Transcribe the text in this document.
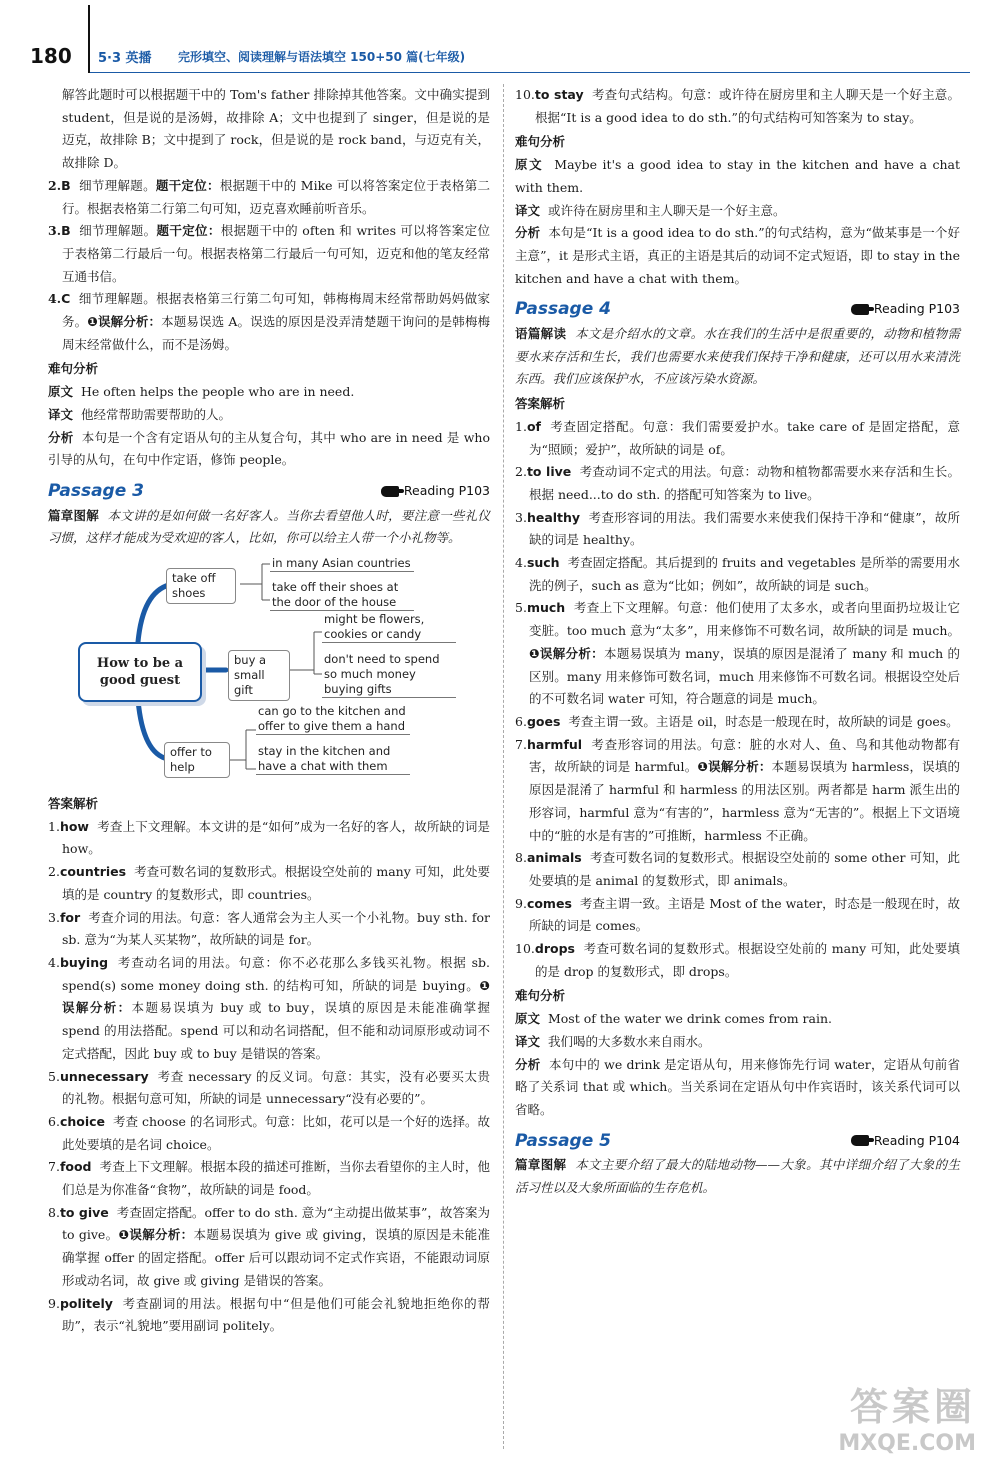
180 5·3 英播 完形填空、阅读理解与语法填空 150+50 篇(七年级)

解答此题时可以根据题干中的 Tom's father 排除掉其他答案。文中确实提到 student，但是说的是汤姆，故排除 A；文中也提到了 singer，但是说的是迈克，故排除 B；文中提到了 rock，但是说的是 rock band，与迈克有关，故排除 D。

2.B 细节理解题。题干定位：根据题干中的 Mike 可以将答案定位于表格第二行。根据表格第二行第二句可知，迈克喜欢睡前听音乐。

3.B 细节理解题。题干定位：根据题干中的 often 和 writes 可以将答案定位于表格第二行最后一句。根据表格第二行最后一句可知，迈克和他的笔友经常互通书信。

4.C 细节理解题。根据表格第三行第二句可知，韩梅梅周末经常帮助妈妈做家务。❶误解分析：本题易误选 A。误选的原因是没弄清楚题干询问的是韩梅梅周末经常做什么，而不是汤姆。

难句分析

原文 He often helps the people who are in need.

译文 他经常帮助需要帮助的人。

分析 本句是一个含有定语从句的主从复合句，其中 who are in need 是 who 引导的从句，在句中作定语，修饰 people。

Passage 3	Reading P103

篇章图解 本文讲的是如何做一名好客人。当你去看望他人时，要注意一些礼仪习惯，这样才能成为受欢迎的客人，比如，你可以给主人带一个小礼物等。

How to be a good guest
take off shoes
in many Asian countries
take off their shoes at the door of the house
buy a small gift
might be flowers, cookies or candy
don't need to spend so much money buying gifts
offer to help
can go to the kitchen and offer to give them a hand
stay in the kitchen and have a chat with them

答案解析

1.how 考查上下文理解。本文讲的是“如何”成为一名好的客人，故所缺的词是 how。

2.countries 考查可数名词的复数形式。根据设空处前的 many 可知，此处要填的是 country 的复数形式，即 countries。

3.for 考查介词的用法。句意：客人通常会为主人买一个小礼物。buy sth. for sb. 意为“为某人买某物”，故所缺的词是 for。

4.buying 考查动名词的用法。句意：你不必花那么多钱买礼物。根据 sb. spend(s) some money doing sth. 的结构可知，所缺的词是 buying。❶误解分析：本题易误填为 buy 或 to buy，误填的原因是未能准确掌握 spend 的用法搭配。spend 可以和动名词搭配，但不能和动词原形或动词不定式搭配，因此 buy 或 to buy 是错误的答案。

5.unnecessary 考查 necessary 的反义词。句意：其实，没有必要买太贵的礼物。根据句意可知，所缺的词是 unnecessary“没有必要的”。

6.choice 考查 choose 的名词形式。句意：比如，花可以是一个好的选择。故此处要填的是名词 choice。

7.food 考查上下文理解。根据本段的描述可推断，当你去看望你的主人时，他们总是为你准备“食物”，故所缺的词是 food。

8.to give 考查固定搭配。offer to do sth. 意为“主动提出做某事”，故答案为 to give。❶误解分析：本题易误填为 give 或 giving，误填的原因是未能准确掌握 offer 的固定搭配。offer 后可以跟动词不定式作宾语，不能跟动词原形或动名词，故 give 或 giving 是错误的答案。

9.politely 考查副词的用法。根据句中“但是他们可能会礼貌地拒绝你的帮助”，表示“礼貌地”要用副词 politely。

10.to stay 考查句式结构。句意：或许待在厨房里和主人聊天是一个好主意。根据“It is a good idea to do sth.”的句式结构可知答案为 to stay。

难句分析

原文 Maybe it's a good idea to stay in the kitchen and have a chat with them.

译文 或许待在厨房里和主人聊天是一个好主意。

分析 本句是“It is a good idea to do sth.”的句式结构，意为“做某事是一个好主意”，it 是形式主语，真正的主语是其后的动词不定式短语，即 to stay in the kitchen and have a chat with them。

Passage 4	Reading P103

语篇解读 本文是介绍水的文章。水在我们的生活中是很重要的，动物和植物需要水来存活和生长，我们也需要水来使我们保持干净和健康，还可以用水来清洗东西。我们应该保护水，不应该污染水资源。

答案解析

1.of 考查固定搭配。句意：我们需要爱护水。take care of 是固定搭配，意为“照顾；爱护”，故所缺的词是 of。

2.to live 考查动词不定式的用法。句意：动物和植物都需要水来存活和生长。根据 need...to do sth. 的搭配可知答案为 to live。

3.healthy 考查形容词的用法。我们需要水来使我们保持干净和“健康”，故所缺的词是 healthy。

4.such 考查固定搭配。其后提到的 fruits and vegetables 是所举的需要用水洗的例子，such as 意为“比如；例如”，故所缺的词是 such。

5.much 考查上下文理解。句意：他们使用了太多水，或者向里面扔垃圾让它变脏。too much 意为“太多”，用来修饰不可数名词，故所缺的词是 much。❶误解分析：本题易误填为 many，误填的原因是混淆了 many 和 much 的区别。many 用来修饰可数名词，much 用来修饰不可数名词。根据设空处后的不可数名词 water 可知，符合题意的词是 much。

6.goes 考查主谓一致。主语是 oil，时态是一般现在时，故所缺的词是 goes。

7.harmful 考查形容词的用法。句意：脏的水对人、鱼、鸟和其他动物都有害，故所缺的词是 harmful。❶误解分析：本题易误填为 harmless，误填的原因是混淆了 harmful 和 harmless 的用法区别。两者都是 harm 派生出的形容词，harmful 意为“有害的”，harmless 意为“无害的”。根据上下文语境中的“脏的水是有害的”可推断，harmless 不正确。

8.animals 考查可数名词的复数形式。根据设空处前的 some other 可知，此处要填的是 animal 的复数形式，即 animals。

9.comes 考查主谓一致。主语是 Most of the water，时态是一般现在时，故所缺的词是 comes。

10.drops 考查可数名词的复数形式。根据设空处前的 many 可知，此处要填的是 drop 的复数形式，即 drops。

难句分析

原文 Most of the water we drink comes from rain.

译文 我们喝的大多数水来自雨水。

分析 本句中的 we drink 是定语从句，用来修饰先行词 water，定语从句前省略了关系词 that 或 which。当关系词在定语从句中作宾语时，该关系代词可以省略。

Passage 5	Reading P104

篇章图解 本文主要介绍了最大的陆地动物——大象。其中详细介绍了大象的生活习性以及大象所面临的生存危机。

答案圈
MXQE.COM
